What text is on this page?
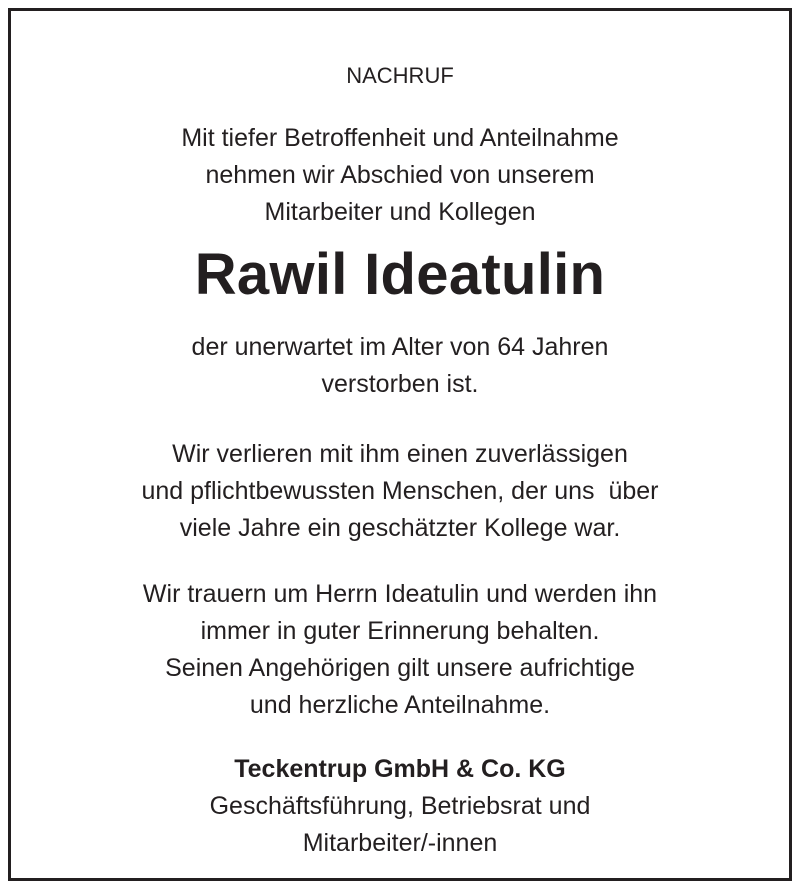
NACHRUF
Mit tiefer Betroffenheit und Anteilnahme
nehmen wir Abschied von unserem
Mitarbeiter und Kollegen
Rawil Ideatulin
der unerwartet im Alter von 64 Jahren
verstorben ist.
Wir verlieren mit ihm einen zuverlässigen
und pflichtbewussten Menschen, der uns  über
viele Jahre ein geschätzter Kollege war.
Wir trauern um Herrn Ideatulin und werden ihn
immer in guter Erinnerung behalten.
Seinen Angehörigen gilt unsere aufrichtige
und herzliche Anteilnahme.
Teckentrup GmbH & Co. KG
Geschäftsführung, Betriebsrat und
Mitarbeiter/-innen
